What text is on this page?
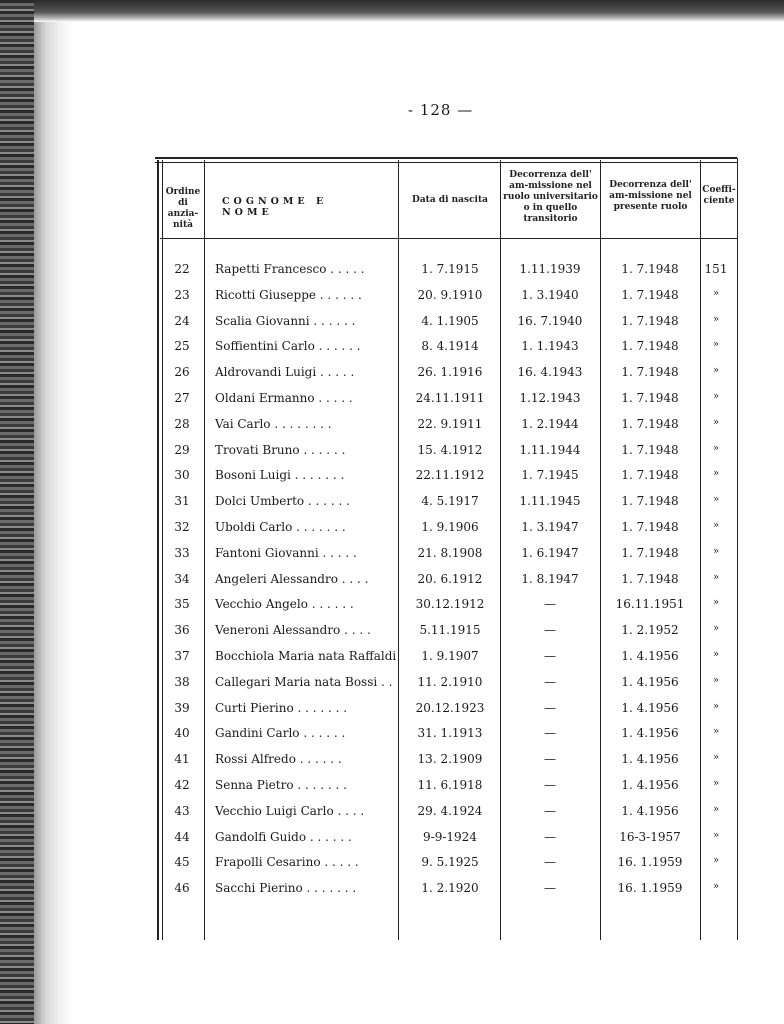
- 128 —
Ordine di anzia-nità
COGNOME E NOME
Data di nascita
Decorrenza dell' am-missione nel ruolo universitario o in quello transitorio
Decorrenza dell' am-missione nel presente ruolo
Coeffi-ciente
22	Rapetti Francesco . . . . .	1. 7.1915	1.11.1939	1. 7.1948	151
23	Ricotti Giuseppe . . . . . .	20. 9.1910	1. 3.1940	1. 7.1948	»
24	Scalia Giovanni . . . . . .	4. 1.1905	16. 7.1940	1. 7.1948	»
25	Soffientini Carlo . . . . . .	8. 4.1914	1. 1.1943	1. 7.1948	»
26	Aldrovandi Luigi . . . . .	26. 1.1916	16. 4.1943	1. 7.1948	»
27	Oldani Ermanno . . . . .	24.11.1911	1.12.1943	1. 7.1948	»
28	Vai Carlo . . . . . . . .	22. 9.1911	1. 2.1944	1. 7.1948	»
29	Trovati Bruno . . . . . .	15. 4.1912	1.11.1944	1. 7.1948	»
30	Bosoni Luigi . . . . . . .	22.11.1912	1. 7.1945	1. 7.1948	»
31	Dolci Umberto . . . . . .	4. 5.1917	1.11.1945	1. 7.1948	»
32	Uboldi Carlo . . . . . . .	1. 9.1906	1. 3.1947	1. 7.1948	»
33	Fantoni Giovanni . . . . .	21. 8.1908	1. 6.1947	1. 7.1948	»
34	Angeleri Alessandro . . . .	20. 6.1912	1. 8.1947	1. 7.1948	»
35	Vecchio Angelo . . . . . .	30.12.1912	—	16.11.1951	»
36	Veneroni Alessandro . . . .	5.11.1915	—	1. 2.1952	»
37	Bocchiola Maria nata Raffaldi	1. 9.1907	—	1. 4.1956	»
38	Callegari Maria nata Bossi . .	11. 2.1910	—	1. 4.1956	»
39	Curti Pierino . . . . . . .	20.12.1923	—	1. 4.1956	»
40	Gandini Carlo . . . . . .	31. 1.1913	—	1. 4.1956	»
41	Rossi Alfredo . . . . . .	13. 2.1909	—	1. 4.1956	»
42	Senna Pietro . . . . . . .	11. 6.1918	—	1. 4.1956	»
43	Vecchio Luigi Carlo . . . .	29. 4.1924	—	1. 4.1956	»
44	Gandolfi Guido . . . . . .	9-9-1924	—	16-3-1957	»
45	Frapolli Cesarino . . . . .	9. 5.1925	—	16. 1.1959	»
46	Sacchi Pierino . . . . . . .	1. 2.1920	—	16. 1.1959	»
